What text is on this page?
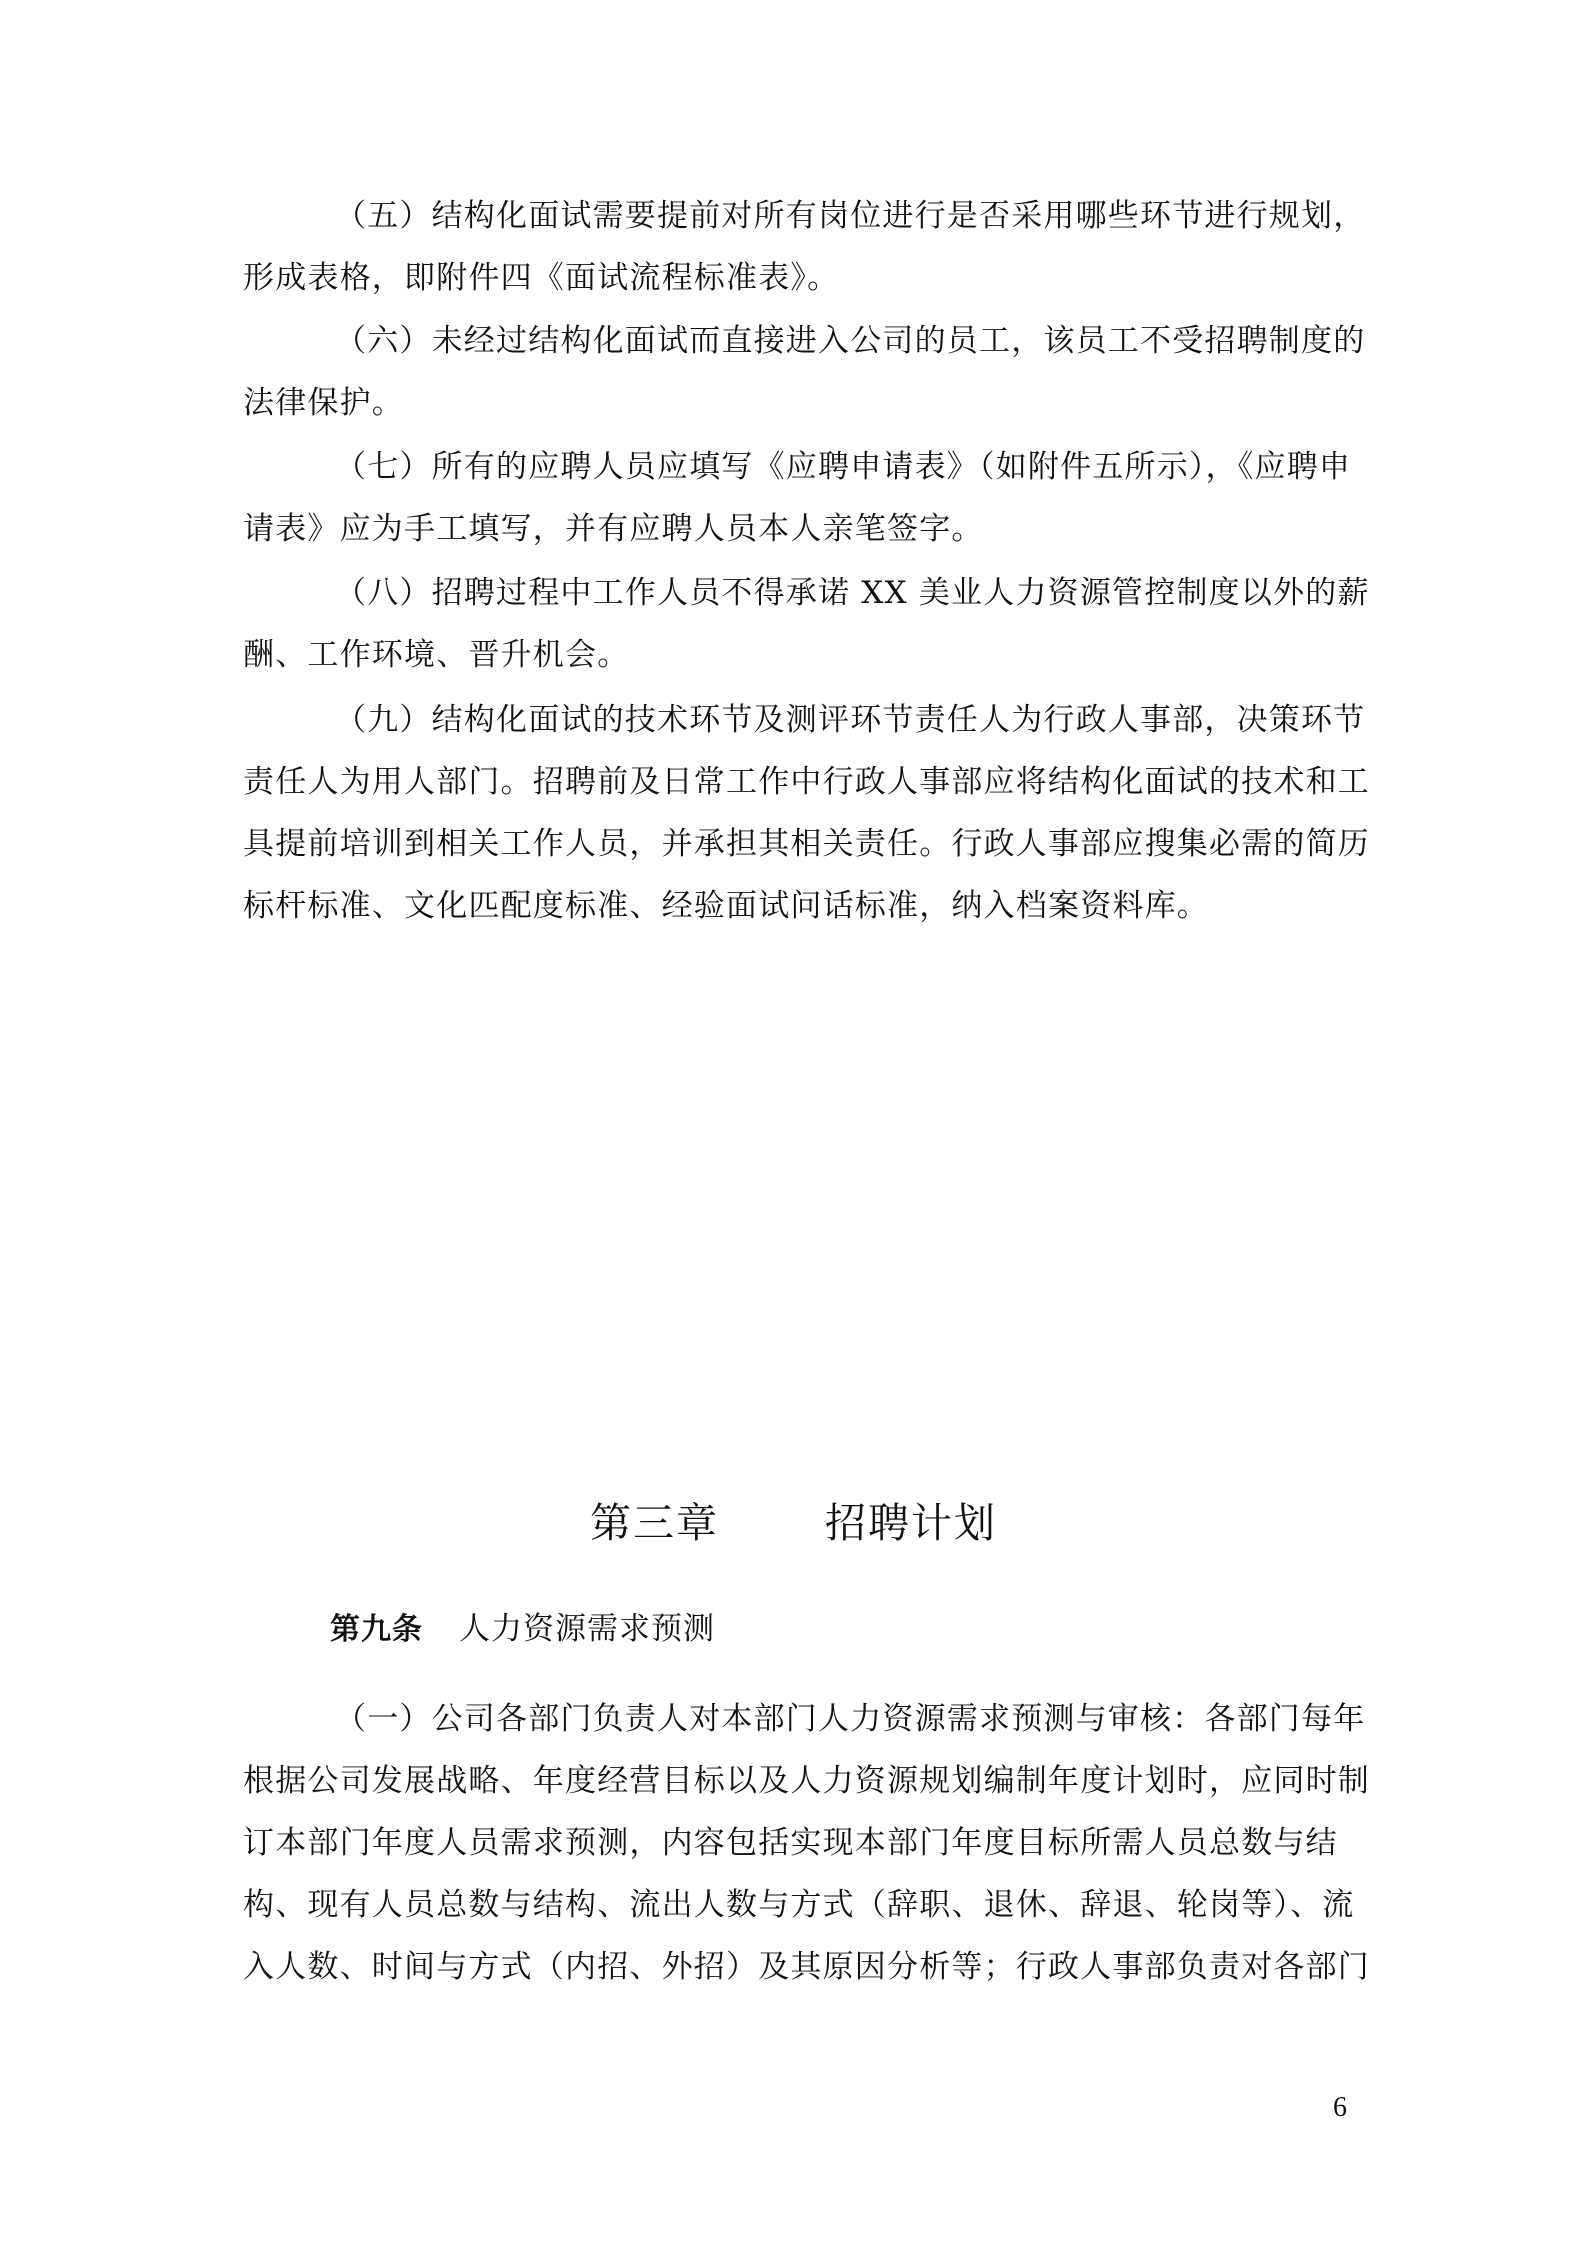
（五）结构化面试需要提前对所有岗位进行是否采用哪些环节进行规划，
形成表格，即附件四《面试流程标准表》。
（六）未经过结构化面试而直接进入公司的员工，该员工不受招聘制度的
法律保护。
（七）所有的应聘人员应填写《应聘申请表》（如附件五所示），《应聘申
请表》应为手工填写，并有应聘人员本人亲笔签字。
（八）招聘过程中工作人员不得承诺 XX 美业人力资源管控制度以外的薪
酬、工作环境、晋升机会。
（九）结构化面试的技术环节及测评环节责任人为行政人事部，决策环节
责任人为用人部门。招聘前及日常工作中行政人事部应将结构化面试的技术和工
具提前培训到相关工作人员，并承担其相关责任。行政人事部应搜集必需的简历
标杆标准、文化匹配度标准、经验面试问话标准，纳入档案资料库。
第三章	招聘计划
第九条 人力资源需求预测
（一）公司各部门负责人对本部门人力资源需求预测与审核：各部门每年
根据公司发展战略、年度经营目标以及人力资源规划编制年度计划时，应同时制
订本部门年度人员需求预测，内容包括实现本部门年度目标所需人员总数与结
构、现有人员总数与结构、流出人数与方式（辞职、退休、辞退、轮岗等）、流
入人数、时间与方式（内招、外招）及其原因分析等；行政人事部负责对各部门
6
